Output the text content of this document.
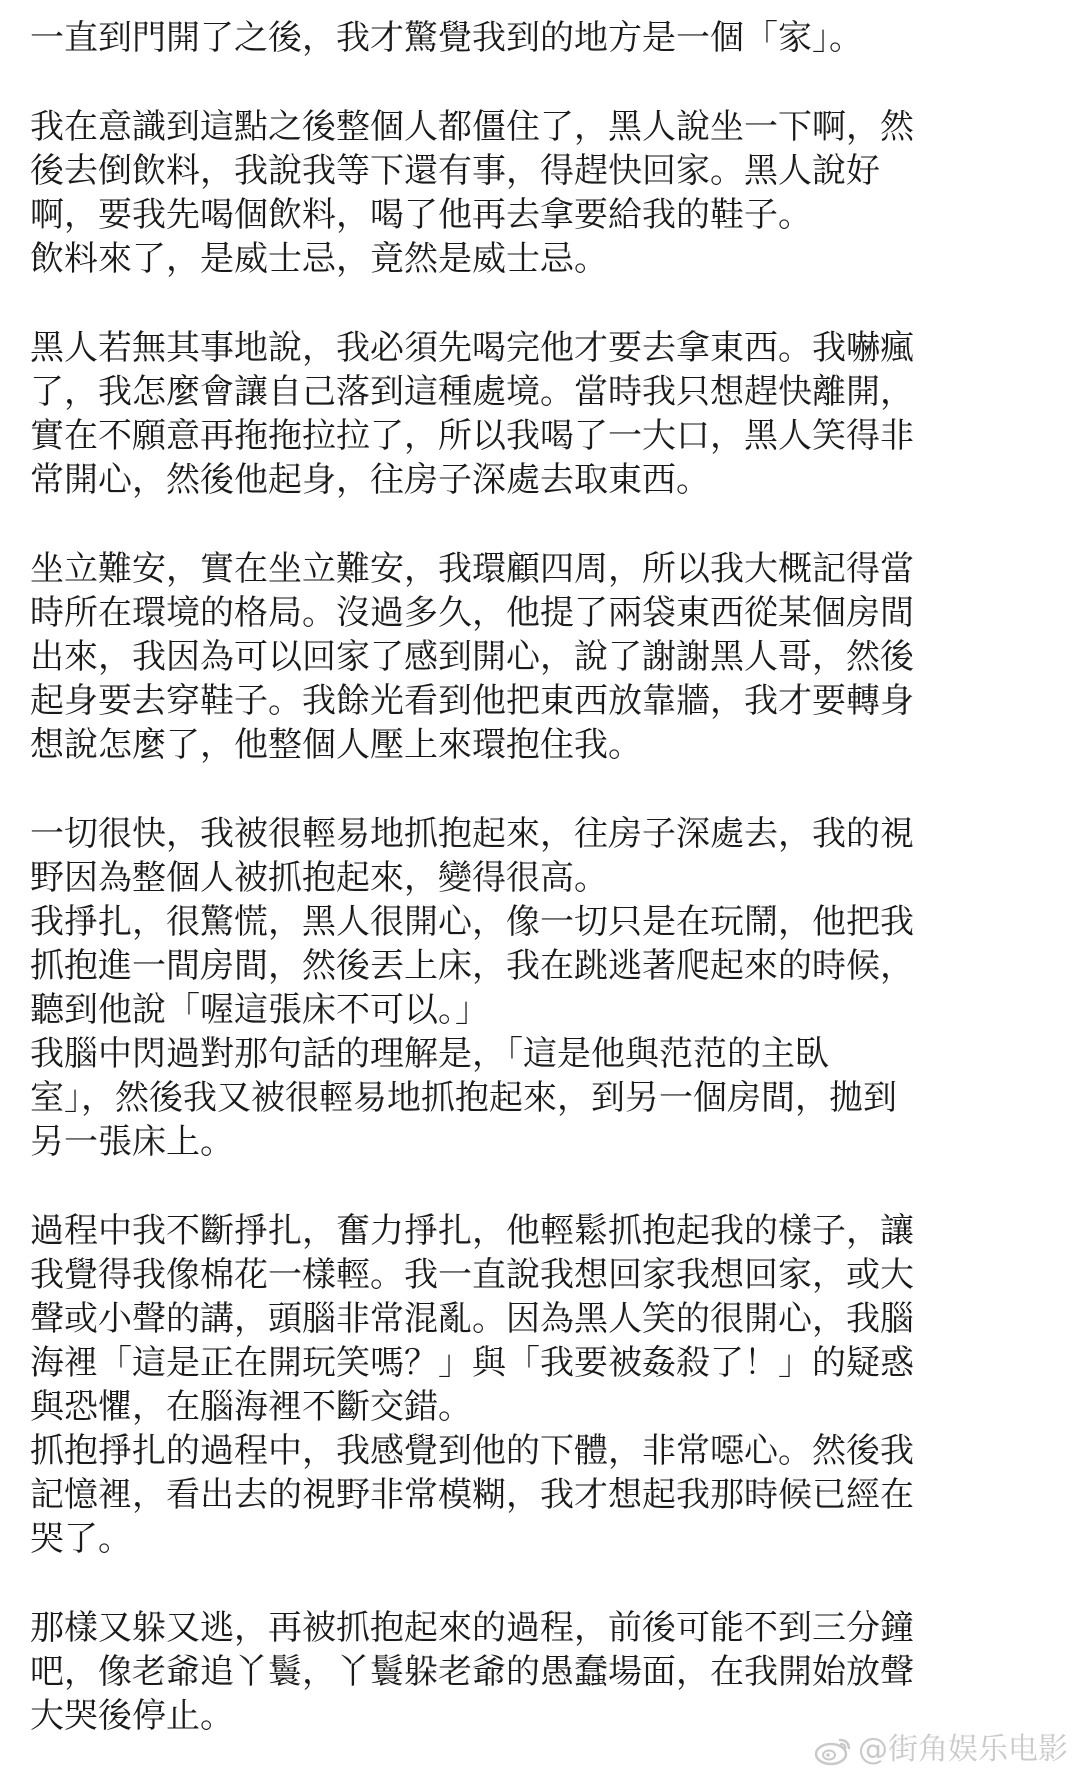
一直到門開了之後，我才驚覺我到的地方是一個「家」。
我在意識到這點之後整個人都僵住了，黑人說坐一下啊，然
後去倒飲料，我說我等下還有事，得趕快回家。黑人說好
啊，要我先喝個飲料，喝了他再去拿要給我的鞋子。
飲料來了，是威士忌，竟然是威士忌。
黑人若無其事地說，我必須先喝完他才要去拿東西。我嚇瘋
了，我怎麼會讓自己落到這種處境。當時我只想趕快離開，
實在不願意再拖拖拉拉了，所以我喝了一大口，黑人笑得非
常開心，然後他起身，往房子深處去取東西。
坐立難安，實在坐立難安，我環顧四周，所以我大概記得當
時所在環境的格局。沒過多久，他提了兩袋東西從某個房間
出來，我因為可以回家了感到開心，說了謝謝黑人哥，然後
起身要去穿鞋子。我餘光看到他把東西放靠牆，我才要轉身
想說怎麼了，他整個人壓上來環抱住我。
一切很快，我被很輕易地抓抱起來，往房子深處去，我的視
野因為整個人被抓抱起來，變得很高。
我掙扎，很驚慌，黑人很開心，像一切只是在玩鬧，他把我
抓抱進一間房間，然後丟上床，我在跳逃著爬起來的時候，
聽到他說「喔這張床不可以。」
我腦中閃過對那句話的理解是，「這是他與范范的主臥
室」，然後我又被很輕易地抓抱起來，到另一個房間，拋到
另一張床上。
過程中我不斷掙扎，奮力掙扎，他輕鬆抓抱起我的樣子，讓
我覺得我像棉花一樣輕。我一直說我想回家我想回家，或大
聲或小聲的講，頭腦非常混亂。因為黑人笑的很開心，我腦
海裡「這是正在開玩笑嗎？」與「我要被姦殺了！」的疑惑
與恐懼，在腦海裡不斷交錯。
抓抱掙扎的過程中，我感覺到他的下體，非常噁心。然後我
記憶裡，看出去的視野非常模糊，我才想起我那時候已經在
哭了。
那樣又躲又逃，再被抓抱起來的過程，前後可能不到三分鐘
吧，像老爺追丫鬟，丫鬟躲老爺的愚蠢場面，在我開始放聲
大哭後停止。
@街角娱乐电影
